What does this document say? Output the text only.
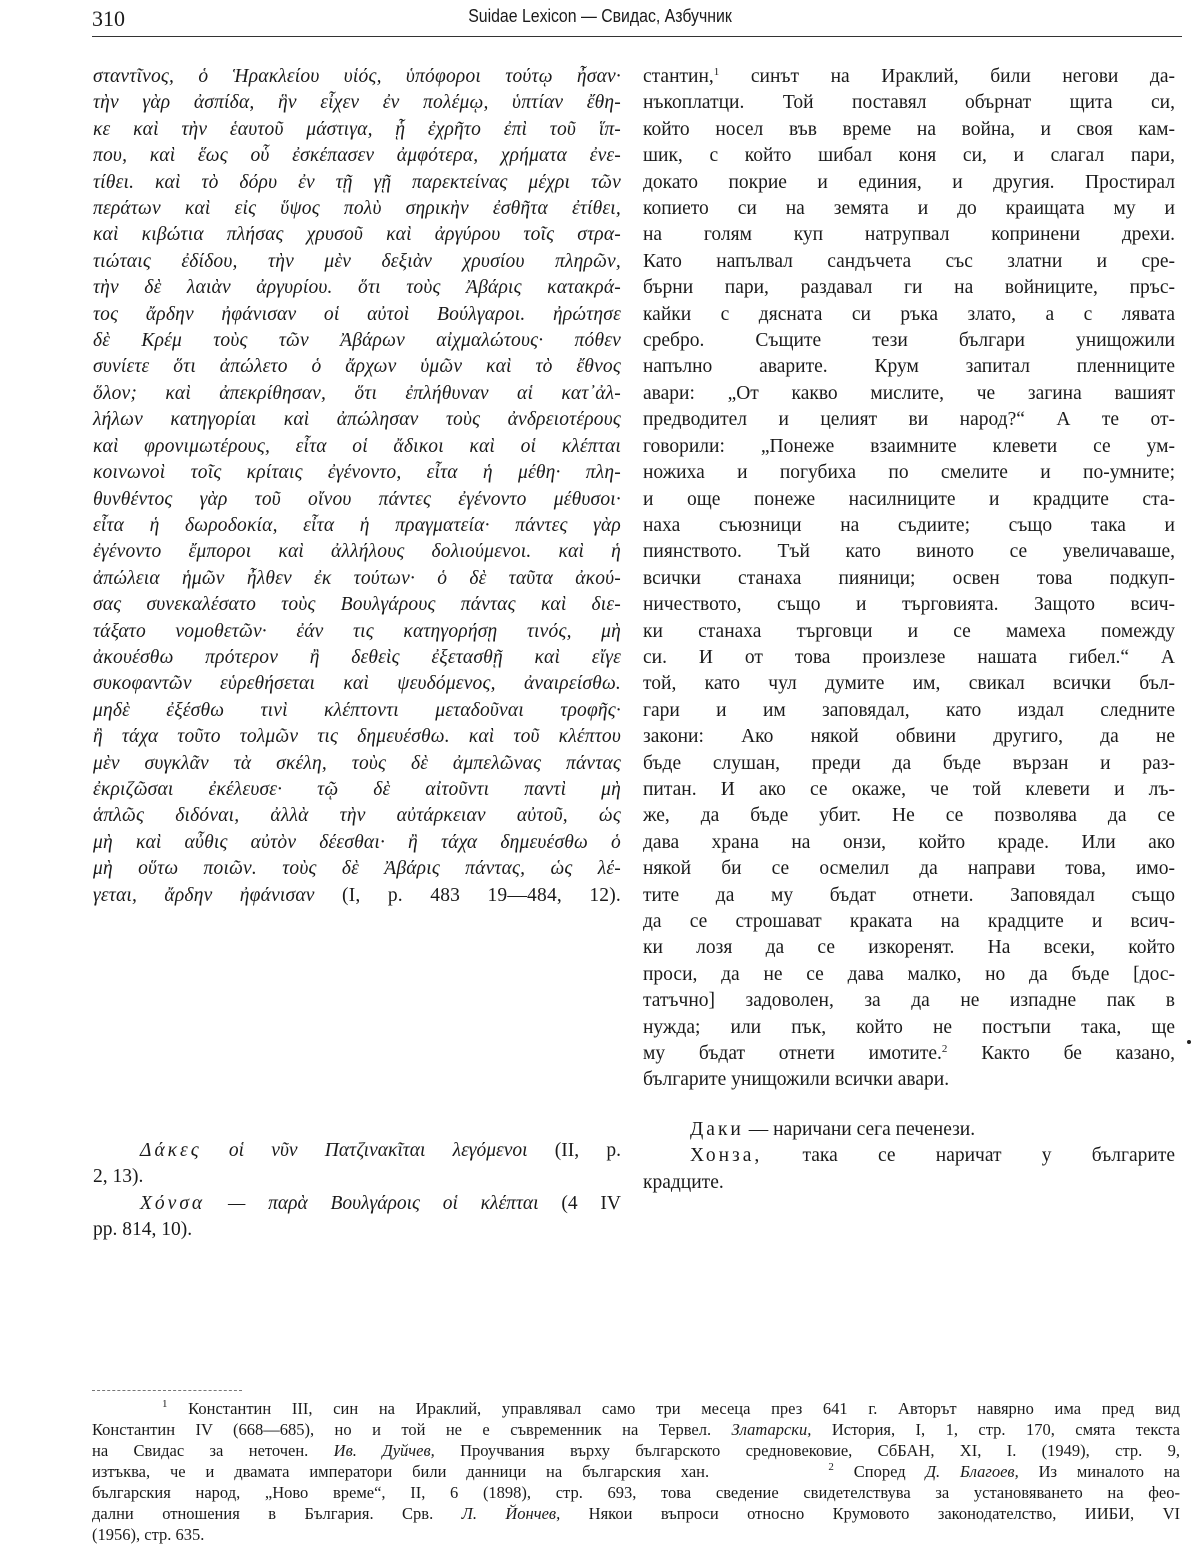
310	Suidae Lexicon — Свидас, Азбучник
σταντῖνος, ὁ Ἡρακλείου υἱός, ὑπόφοροι τούτῳ ἦσαν·
τὴν γὰρ ἀσπίδα, ἣν εἶχεν ἐν πολέμῳ, ὑπτίαν ἔθη-
κε καὶ τὴν ἑαυτοῦ μάστιγα, ᾗ ἐχρῆτο ἐπὶ τοῦ ἵπ-
που, καὶ ἕως οὗ ἐσκέπασεν ἀμφότερα, χρήματα ἐνε-
τίθει. καὶ τὸ δόρυ ἐν τῇ γῇ παρεκτείνας μέχρι τῶν
περάτων καὶ εἰς ὕψος πολὺ σηρικὴν ἐσθῆτα ἐτίθει,
καὶ κιβώτια πλήσας χρυσοῦ καὶ ἀργύρου τοῖς στρα-
τιώταις ἐδίδου, τὴν μὲν δεξιὰν χρυσίου πληρῶν,
τὴν δὲ λαιὰν ἀργυρίου. ὅτι τοὺς Ἀβάρις κατακρά-
τος ἄρδην ἠφάνισαν οἱ αὐτοὶ Βούλγαροι. ἠρώτησε
δὲ Κρέμ τοὺς τῶν Ἀβάρων αἰχμαλώτους· πόθεν
συνίετε ὅτι ἀπώλετο ὁ ἄρχων ὑμῶν καὶ τὸ ἔθνος
ὅλον; καὶ ἀπεκρίθησαν, ὅτι ἐπλήθυναν αἱ κατ᾽ἀλ-
λήλων κατηγορίαι καὶ ἀπώλησαν τοὺς ἀνδρειοτέρους
καὶ φρονιμωτέρους, εἶτα οἱ ἄδικοι καὶ οἱ κλέπται
κοινωνοὶ τοῖς κρίταις ἐγένοντο, εἶτα ἡ μέθη· πλη-
θυνθέντος γὰρ τοῦ οἴνου πάντες ἐγένοντο μέθυσοι·
εἶτα ἡ δωροδοκία, εἶτα ἡ πραγματεία· πάντες γὰρ
ἐγένοντο ἔμποροι καὶ ἀλλήλους δολιούμενοι. καὶ ἡ
ἀπώλεια ἡμῶν ἦλθεν ἐκ τούτων· ὁ δὲ ταῦτα ἀκού-
σας συνεκαλέσατο τοὺς Βουλγάρους πάντας καὶ διε-
τάξατο νομοθετῶν· ἐάν τις κατηγορήσῃ τινός, μὴ
ἀκουέσθω πρότερον ἢ δεθεὶς ἐξετασθῇ καὶ εἴγε
συκοφαντῶν εὑρεθήσεται καὶ ψευδόμενος, ἀναιρείσθω.
μηδὲ ἐξέσθω τινὶ κλέπτοντι μεταδοῦναι τροφῆς·
ἢ τάχα τοῦτο τολμῶν τις δημευέσθω. καὶ τοῦ κλέπτου
μὲν συγκλᾶν τὰ σκέλη, τοὺς δὲ ἀμπελῶνας πάντας
ἐκριζῶσαι ἐκέλευσε· τῷ δὲ αἰτοῦντι παντὶ μὴ
ἁπλῶς διδόναι, ἀλλὰ τὴν αὐτάρκειαν αὐτοῦ, ὡς
μὴ καὶ αὖθις αὐτὸν δέεσθαι· ἢ τάχα δημευέσθω ὁ
μὴ οὕτω ποιῶν. τοὺς δὲ Ἀβάρις πάντας, ὡς λέ-
γεται, ἄρδην ἠφάνισαν (I, p. 483 19—484, 12).
стантин,$^1$ синът на Ираклий, били негови да-
нъкоплатци. Той поставял обърнат щита си,
който носел във време на война, и своя кам-
шик, с който шибал коня си, и слагал пари,
докато покрие и единия, и другия. Простирал
копието си на земята и до краищата му и
на голям куп натрупвал копринени дрехи.
Като напълвал сандъчета със златни и сре-
бърни пари, раздавал ги на войниците, пръс-
кайки с дясната си ръка злато, а с лявата
сребро. Същите тези българи унищожили
напълно аварите. Крум запитал пленниците
авари: „От какво мислите, че загина вашият
предводител и целият ви народ?“ А те от-
говорили: „Понеже взаимните клевети се ум-
ножиха и погубиха по смелите и по-умните;
и още понеже насилниците и крадците ста-
наха съюзници на съдиите; също така и
пиянството. Тъй като виното се увеличаваше,
всички станаха пияници; освен това подкуп-
ничеството, също и търговията. Защото всич-
ки станаха търговци и се мамеха помежду
си. И от това произлезе нашата гибел.“ А
той, като чул думите им, свикал всички бъл-
гари и им заповядал, като издал следните
закони: Ако някой обвини другиго, да не
бъде слушан, преди да бъде вързан и раз-
питан. И ако се окаже, че той клевети и лъ-
же, да бъде убит. Не се позволява да се
дава храна на онзи, който краде. Или ако
някой би се осмелил да направи това, имо-
тите да му бъдат отнети. Заповядал също
да се строшават краката на крадците и всич-
ки лозя да се изкоренят. На всеки, който
проси, да не се дава малко, но да бъде [дос-
татъчно] задоволен, за да не изпадне пак в
нужда; или пък, който не постъпи така, ще
му бъдат отнети имотите.$^2$ Както бе казано,
българите унищожили всички авари.
Δάκες οἱ νῦν Πατζινακῖται λεγόμενοι (II, p.
2, 13).
Χόνσα — παρὰ Βουλγάροις οἱ κλέπται (4 IV
pp. 814, 10).
Даки — наричани сега печенези.
Хонза, така се наричат у българите
крадците.
$^1$ Константин III, син на Ираклий, управлявал само три месеца през 641 г. Авторът навярно има пред вид
Константин IV (668—685), но и той не е съвременник на Тервел. Златарски, История, I, 1, стр. 170, смята текста
на Свидас за неточен. Ив. Дуйчев, Проучвания върху българското средновековие, СбБАН, XI, I. (1949), стр. 9,
изтъква, че и двамата императори били данници на българския хан.	$^2$ Според Д. Благоев, Из миналото на
българския народ, „Ново време“, II, 6 (1898), стр. 693, това сведение свидетелствува за установяването на фео-
дални отношения в България. Срв. Л. Йончев, Някои въпроси относно Крумовото законодателство, ИИБИ, VI
(1956), стр. 635.
